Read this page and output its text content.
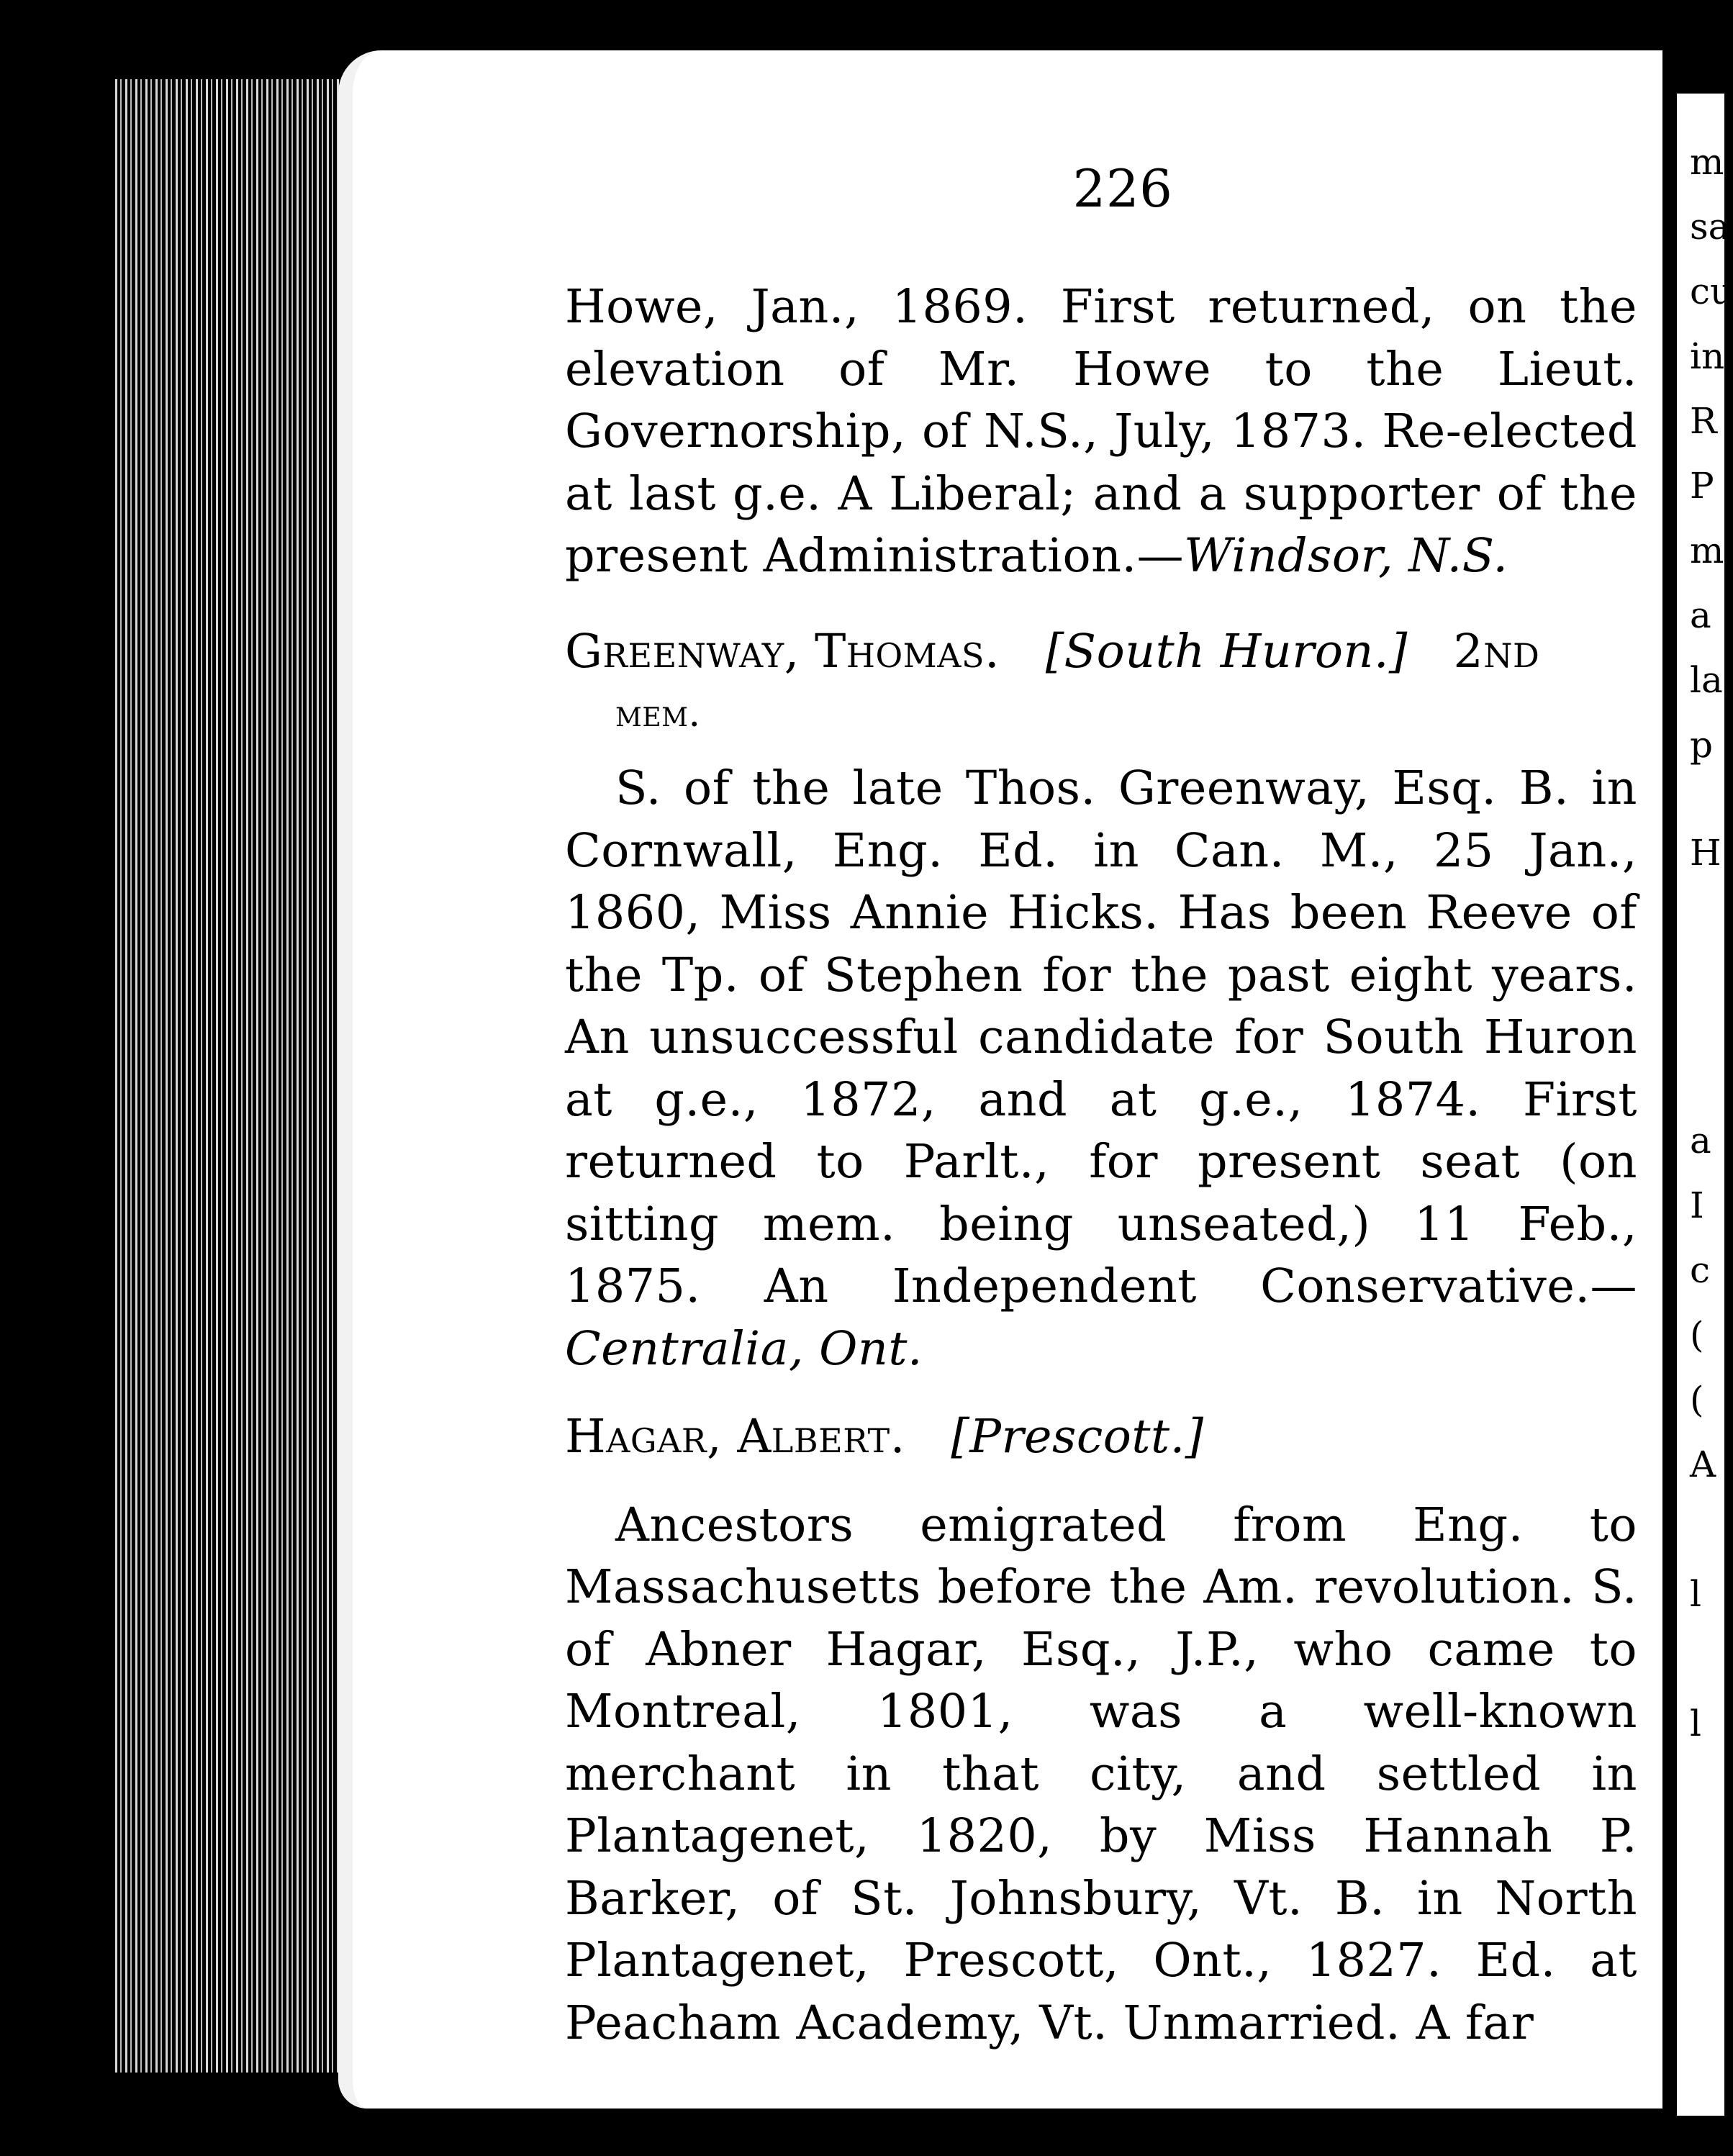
m
sa
cu
in
R
P
m
a
la
p
H
a
I
c
(
(
A
l
l
226

Howe, Jan., 1869. First returned, on the elevation of Mr. Howe to the Lieut. Governorship, of N.S., July, 1873. Re-elected at last g.e. A Liberal; and a supporter of the present Administration.—Windsor, N.S.

Greenway, Thomas. [South Huron.] 2nd

mem.

S. of the late Thos. Greenway, Esq. B. in Cornwall, Eng. Ed. in Can. M., 25 Jan., 1860, Miss Annie Hicks. Has been Reeve of the Tp. of Stephen for the past eight years. An unsuccessful candidate for South Huron at g.e., 1872, and at g.e., 1874. First returned to Parlt., for present seat (on sitting mem. being unseated,) 11 Feb., 1875. An Independent Conservative.—Centralia, Ont.

Hagar, Albert. [Prescott.]

Ancestors emigrated from Eng. to Massachusetts before the Am. revolution. S. of Abner Hagar, Esq., J.P., who came to Montreal, 1801, was a well-known merchant in that city, and settled in Plantagenet, 1820, by Miss Hannah P. Barker, of St. Johnsbury, Vt. B. in North Plantagenet, Prescott, Ont., 1827. Ed. at Peacham Academy, Vt. Unmarried. A far
